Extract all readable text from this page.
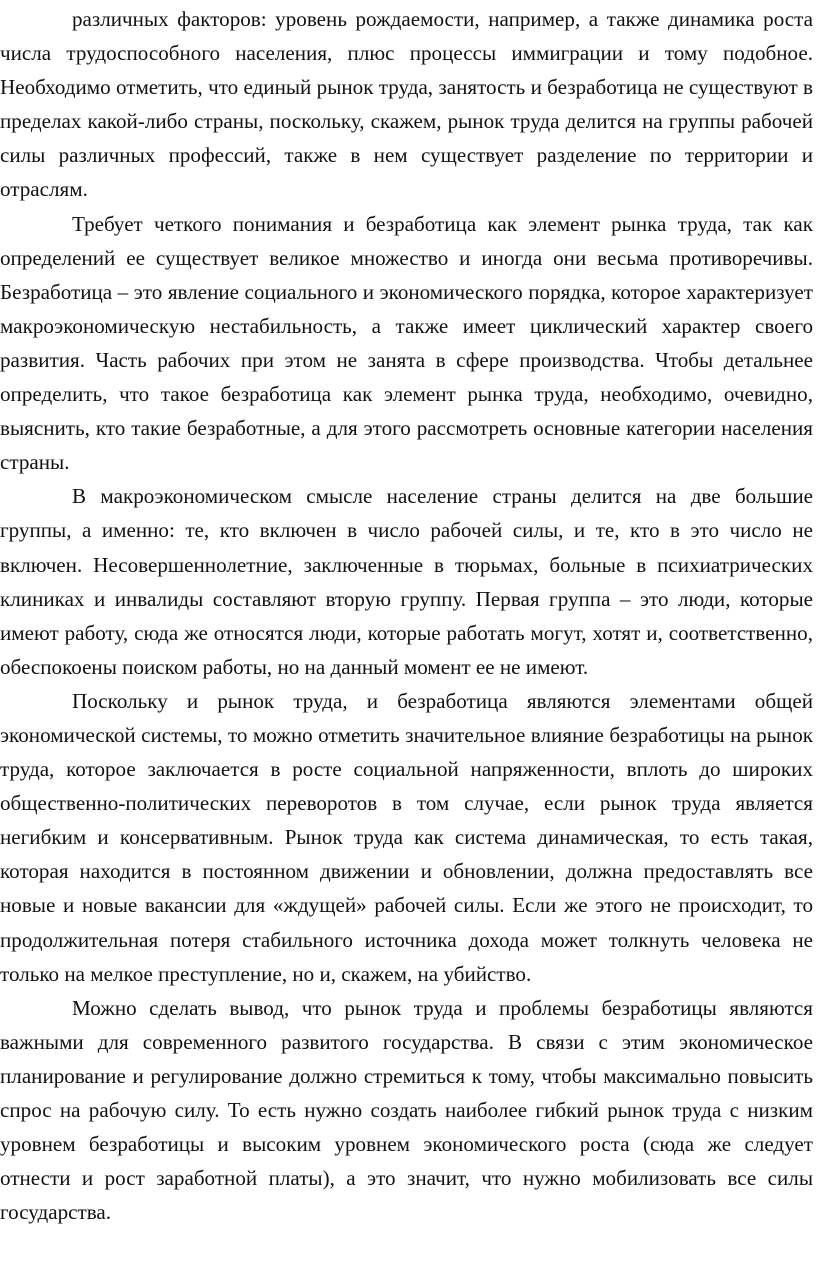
различных факторов: уровень рождаемости, например, а также динамика роста числа трудоспособного населения, плюс процессы иммиграции и тому подобное. Необходимо отметить, что единый рынок труда, занятость и безработица не существуют в пределах какой-либо страны, поскольку, скажем, рынок труда делится на группы рабочей силы различных профессий, также в нем существует разделение по территории и отраслям.

Требует четкого понимания и безработица как элемент рынка труда, так как определений ее существует великое множество и иногда они весьма противоречивы. Безработица – это явление социального и экономического порядка, которое характеризует макроэкономическую нестабильность, а также имеет циклический характер своего развития. Часть рабочих при этом не занята в сфере производства. Чтобы детальнее определить, что такое безработица как элемент рынка труда, необходимо, очевидно, выяснить, кто такие безработные, а для этого рассмотреть основные категории населения страны.

В макроэкономическом смысле население страны делится на две большие группы, а именно: те, кто включен в число рабочей силы, и те, кто в это число не включен. Несовершеннолетние, заключенные в тюрьмах, больные в психиатрических клиниках и инвалиды составляют вторую группу. Первая группа – это люди, которые имеют работу, сюда же относятся люди, которые работать могут, хотят и, соответственно, обеспокоены поиском работы, но на данный момент ее не имеют.

Поскольку и рынок труда, и безработица являются элементами общей экономической системы, то можно отметить значительное влияние безработицы на рынок труда, которое заключается в росте социальной напряженности, вплоть до широких общественно-политических переворотов в том случае, если рынок труда является негибким и консервативным. Рынок труда как система динамическая, то есть такая, которая находится в постоянном движении и обновлении, должна предоставлять все новые и новые вакансии для «ждущей» рабочей силы. Если же этого не происходит, то продолжительная потеря стабильного источника дохода может толкнуть человека не только на мелкое преступление, но и, скажем, на убийство.

Можно сделать вывод, что рынок труда и проблемы безработицы являются важными для современного развитого государства. В связи с этим экономическое планирование и регулирование должно стремиться к тому, чтобы максимально повысить спрос на рабочую силу. То есть нужно создать наиболее гибкий рынок труда с низким уровнем безработицы и высоким уровнем экономического роста (сюда же следует отнести и рост заработной платы), а это значит, что нужно мобилизовать все силы государства.
